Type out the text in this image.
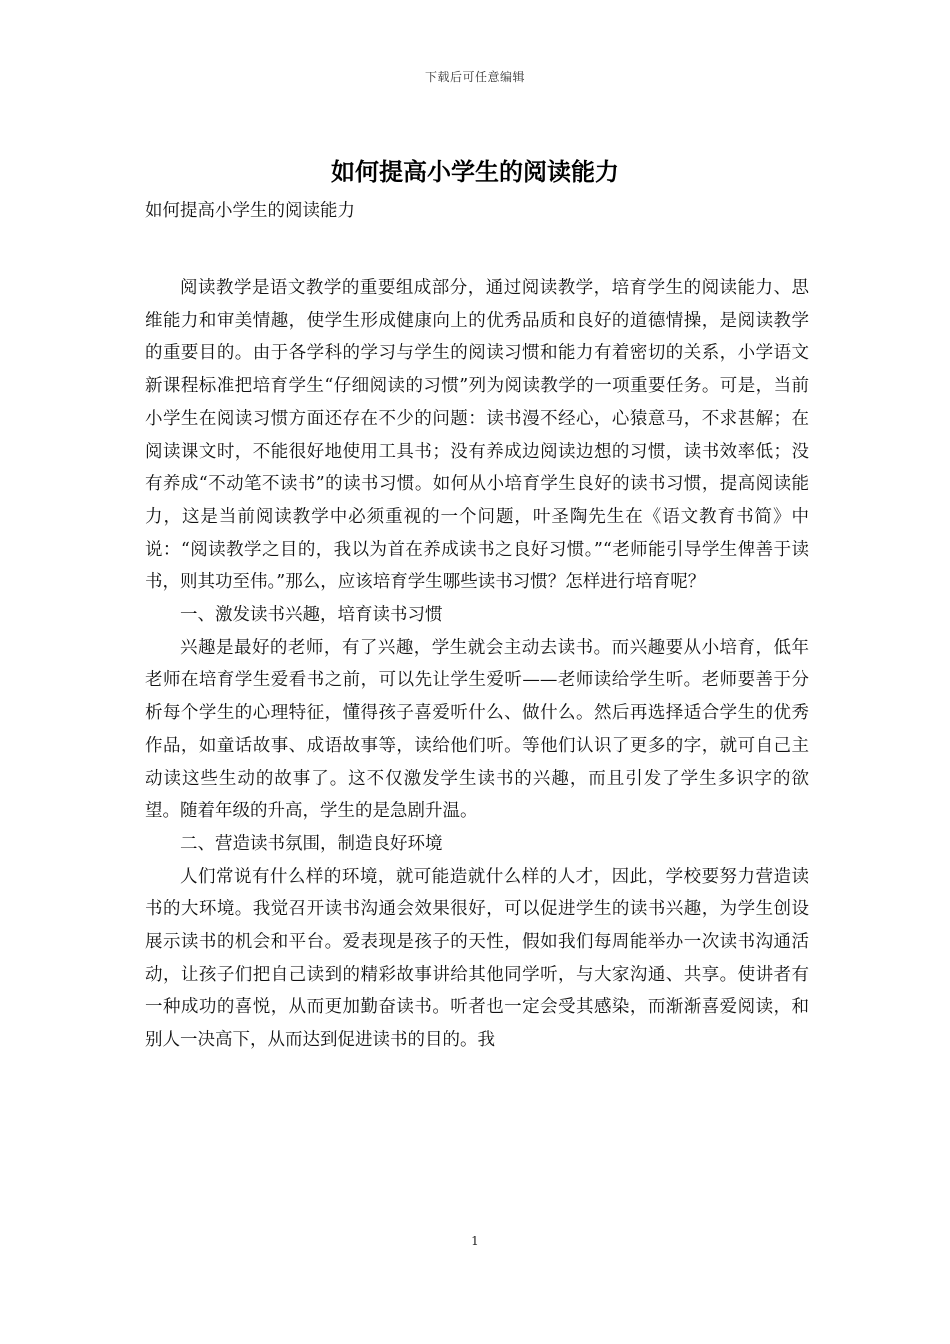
下载后可任意编辑
如何提高小学生的阅读能力
如何提高小学生的阅读能力

阅读教学是语文教学的重要组成部分，通过阅读教学，培育学生的阅读能力、思维能力和审美情趣，使学生形成健康向上的优秀品质和良好的道德情操，是阅读教学的重要目的。由于各学科的学习与学生的阅读习惯和能力有着密切的关系，小学语文新课程标准把培育学生“仔细阅读的习惯”列为阅读教学的一项重要任务。可是，当前小学生在阅读习惯方面还存在不少的问题：读书漫不经心，心猿意马，不求甚解；在阅读课文时，不能很好地使用工具书；没有养成边阅读边想的习惯，读书效率低；没有养成“不动笔不读书”的读书习惯。如何从小培育学生良好的读书习惯，提高阅读能力，这是当前阅读教学中必须重视的一个问题，叶圣陶先生在《语文教育书简》中说：“阅读教学之目的，我以为首在养成读书之良好习惯。”“老师能引导学生俾善于读书，则其功至伟。”那么，应该培育学生哪些读书习惯？怎样进行培育呢？

一、激发读书兴趣，培育读书习惯

兴趣是最好的老师，有了兴趣，学生就会主动去读书。而兴趣要从小培育，低年老师在培育学生爱看书之前，可以先让学生爱听——老师读给学生听。老师要善于分析每个学生的心理特征，懂得孩子喜爱听什么、做什么。然后再选择适合学生的优秀作品，如童话故事、成语故事等，读给他们听。等他们认识了更多的字，就可自己主动读这些生动的故事了。这不仅激发学生读书的兴趣，而且引发了学生多识字的欲望。随着年级的升高，学生的是急剧升温。

二、营造读书氛围，制造良好环境

人们常说有什么样的环境，就可能造就什么样的人才，因此，学校要努力营造读书的大环境。我觉召开读书沟通会效果很好，可以促进学生的读书兴趣，为学生创设展示读书的机会和平台。爱表现是孩子的天性，假如我们每周能举办一次读书沟通活动，让孩子们把自己读到的精彩故事讲给其他同学听，与大家沟通、共享。使讲者有一种成功的喜悦，从而更加勤奋读书。听者也一定会受其感染，而渐渐喜爱阅读，和别人一决高下，从而达到促进读书的目的。我

1
